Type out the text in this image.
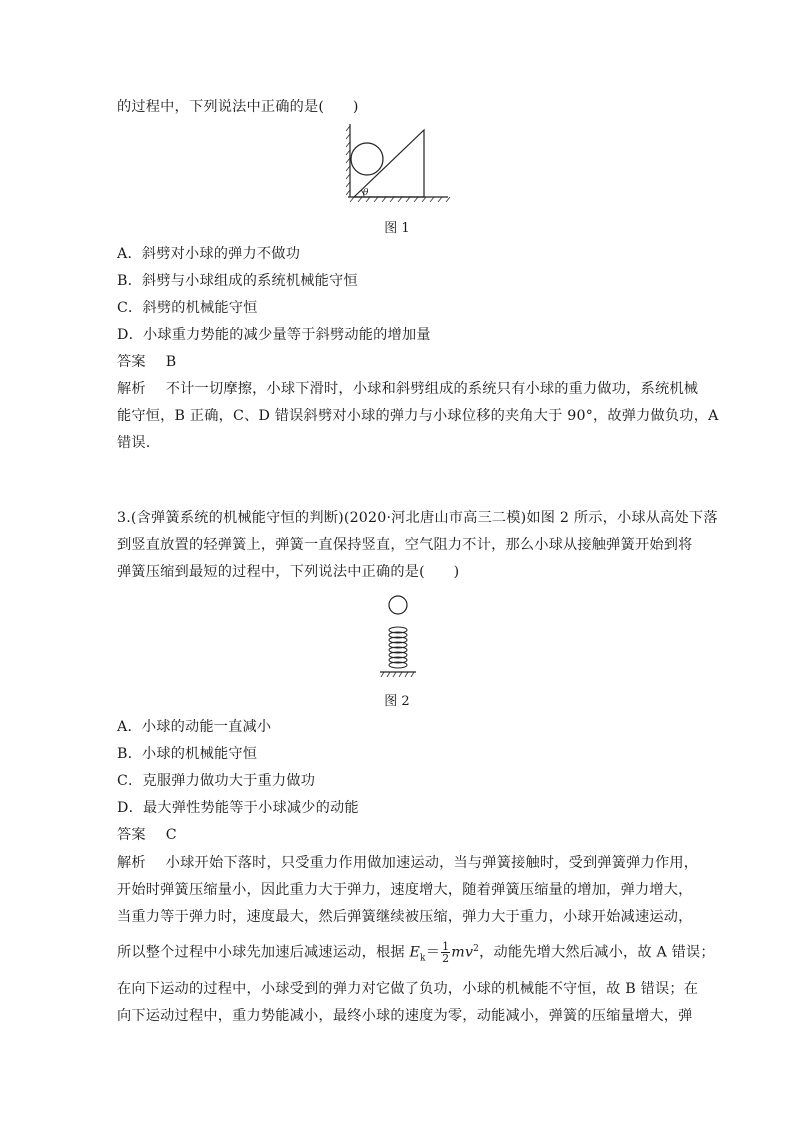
的过程中，下列说法中正确的是(　　)
θ
图 1
A．斜劈对小球的弹力不做功
B．斜劈与小球组成的系统机械能守恒
C．斜劈的机械能守恒
D．小球重力势能的减少量等于斜劈动能的增加量
答案 B
解析 不计一切摩擦，小球下滑时，小球和斜劈组成的系统只有小球的重力做功，系统机械
能守恒，B 正确，C、D 错误斜劈对小球的弹力与小球位移的夹角大于 90°，故弹力做负功，A
错误.
3.(含弹簧系统的机械能守恒的判断)(2020·河北唐山市高三二模)如图 2 所示，小球从高处下落
到竖直放置的轻弹簧上，弹簧一直保持竖直，空气阻力不计，那么小球从接触弹簧开始到将
弹簧压缩到最短的过程中，下列说法中正确的是(　　)
图 2
A．小球的动能一直减小
B．小球的机械能守恒
C．克服弹力做功大于重力做功
D．最大弹性势能等于小球减少的动能
答案 C
解析 小球开始下落时，只受重力作用做加速运动，当与弹簧接触时，受到弹簧弹力作用，
开始时弹簧压缩量小，因此重力大于弹力，速度增大，随着弹簧压缩量的增加，弹力增大，
当重力等于弹力时，速度最大，然后弹簧继续被压缩，弹力大于重力，小球开始减速运动，
所以整个过程中小球先加速后减速运动，根据 $E_k= \frac{1}{2} mv^2$，动能先增大然后减小，故 A 错误；
在向下运动的过程中，小球受到的弹力对它做了负功，小球的机械能不守恒，故 B 错误；在
向下运动过程中，重力势能减小，最终小球的速度为零，动能减小，弹簧的压缩量增大，弹
